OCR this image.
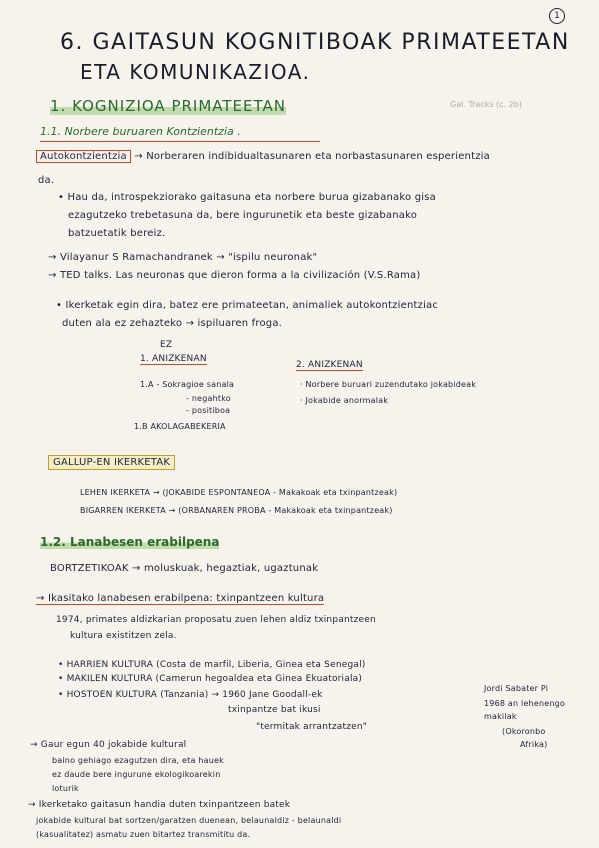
1
6. GAITASUN KOGNITIBOAK PRIMATEETAN
ETA KOMUNIKAZIOA.
1. KOGNIZIOA PRIMATEETAN	Gal. Tracks (c. 2b)
1.1. Norbere buruaren Kontzientzia .
Autokontzientzia → Norberaren indibidualtasunaren eta norbastasunaren esperientzia
da.
• Hau da, introspekziorako gaitasuna eta norbere burua gizabanako gisa
ezagutzeko trebetasuna da, bere ingurunetik eta beste gizabanako
batzuetatik bereiz.
→ Vilayanur S Ramachandranek → "ispilu neuronak"
→ TED talks. Las neuronas que dieron forma a la civilización (V.S.Rama)
• Ikerketak egin dira, batez ere primateetan, animaliek autokontzientziac
duten ala ez zehazteko → ispiluaren froga.
EZ
1. ANIZKENAN
2. ANIZKENAN
1.A - Sokragioe sanala
- negahtko
- positiboa
1.B AKOLAGABEKERIA
· Norbere buruari zuzendutako jokabideak
· Jokabide anormalak
GALLUP-EN IKERKETAK
LEHEN IKERKETA → (JOKABIDE ESPONTANEOA - Makakoak eta txinpantzeak)
BIGARREN IKERKETA → (ORBANAREN PROBA - Makakoak eta txinpantzeak)
1.2. Lanabesen erabilpena
BORTZETIKOAK → moluskuak, hegaztiak, ugaztunak
→ Ikasitako lanabesen erabilpena: txinpantzeen kultura
1974, primates aldizkarian proposatu zuen lehen aldiz txinpantzeen
kultura existitzen zela.
• HARRIEN KULTURA (Costa de marfil, Liberia, Ginea eta Senegal)
• MAKILEN KULTURA (Camerun hegoaldea eta Ginea Ekuatoriala)
• HOSTOEN KULTURA (Tanzania) → 1960 Jane Goodall-ek
txinpantze bat ikusi
"termitak arrantzatzen"
Jordi Sabater Pi
1968 an lehenengo
makilak
(Okoronbo
Afrika)
→ Gaur egun 40 jokabide kultural
baino gehiago ezagutzen dira, eta hauek
ez daude bere ingurune ekologikoarekin
loturik
→ Ikerketako gaitasun handia duten txinpantzeen batek
jokabide kultural bat sortzen/garatzen duenean, belaunaldiz - belaunaldi
(kasualitatez) asmatu zuen bitartez transmititu da.
